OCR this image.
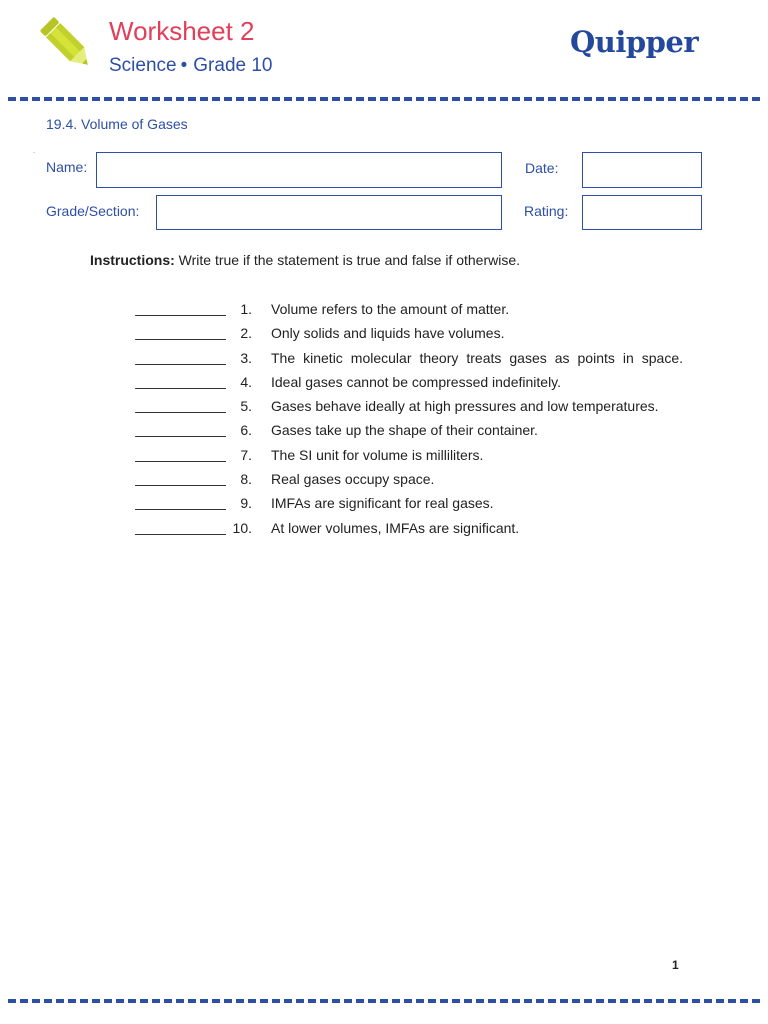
Worksheet 2
Science • Grade 10
Quipper
19.4. Volume of Gases
.
Name:	Date:
Grade/Section:	Rating:
Instructions: Write true if the statement is true and false if otherwise.
1. Volume refers to the amount of matter.
2. Only solids and liquids have volumes.
3. The kinetic molecular theory treats gases as points in space.
4. Ideal gases cannot be compressed indefinitely.
5. Gases behave ideally at high pressures and low temperatures.
6. Gases take up the shape of their container.
7. The SI unit for volume is milliliters.
8. Real gases occupy space.
9. IMFAs are significant for real gases.
10. At lower volumes, IMFAs are significant.
1
